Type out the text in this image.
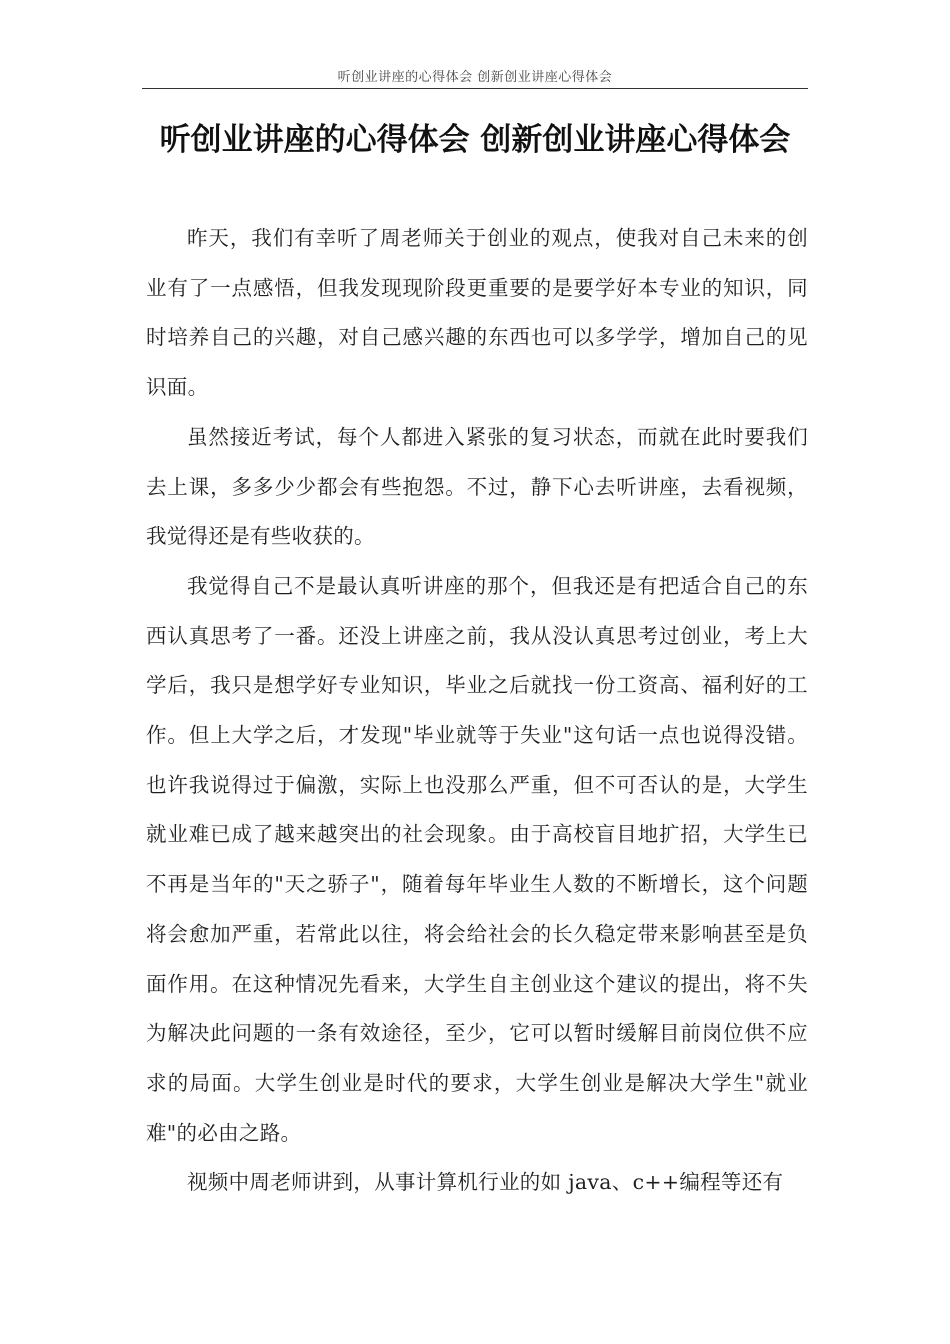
听创业讲座的心得体会 创新创业讲座心得体会
听创业讲座的心得体会 创新创业讲座心得体会

昨天，我们有幸听了周老师关于创业的观点，使我对自己未来的创业有了一点感悟，但我发现现阶段更重要的是要学好本专业的知识，同时培养自己的兴趣，对自己感兴趣的东西也可以多学学，增加自己的见识面。

虽然接近考试，每个人都进入紧张的复习状态，而就在此时要我们去上课，多多少少都会有些抱怨。不过，静下心去听讲座，去看视频，我觉得还是有些收获的。

我觉得自己不是最认真听讲座的那个，但我还是有把适合自己的东西认真思考了一番。还没上讲座之前，我从没认真思考过创业，考上大学后，我只是想学好专业知识，毕业之后就找一份工资高、福利好的工作。但上大学之后，才发现"毕业就等于失业"这句话一点也说得没错。也许我说得过于偏激，实际上也没那么严重，但不可否认的是，大学生就业难已成了越来越突出的社会现象。由于高校盲目地扩招，大学生已不再是当年的"天之骄子"，随着每年毕业生人数的不断增长，这个问题将会愈加严重，若常此以往，将会给社会的长久稳定带来影响甚至是负面作用。在这种情况先看来，大学生自主创业这个建议的提出，将不失为解决此问题的一条有效途径，至少，它可以暂时缓解目前岗位供不应求的局面。大学生创业是时代的要求，大学生创业是解决大学生"就业难"的必由之路。

视频中周老师讲到，从事计算机行业的如 java、c++编程等还有
